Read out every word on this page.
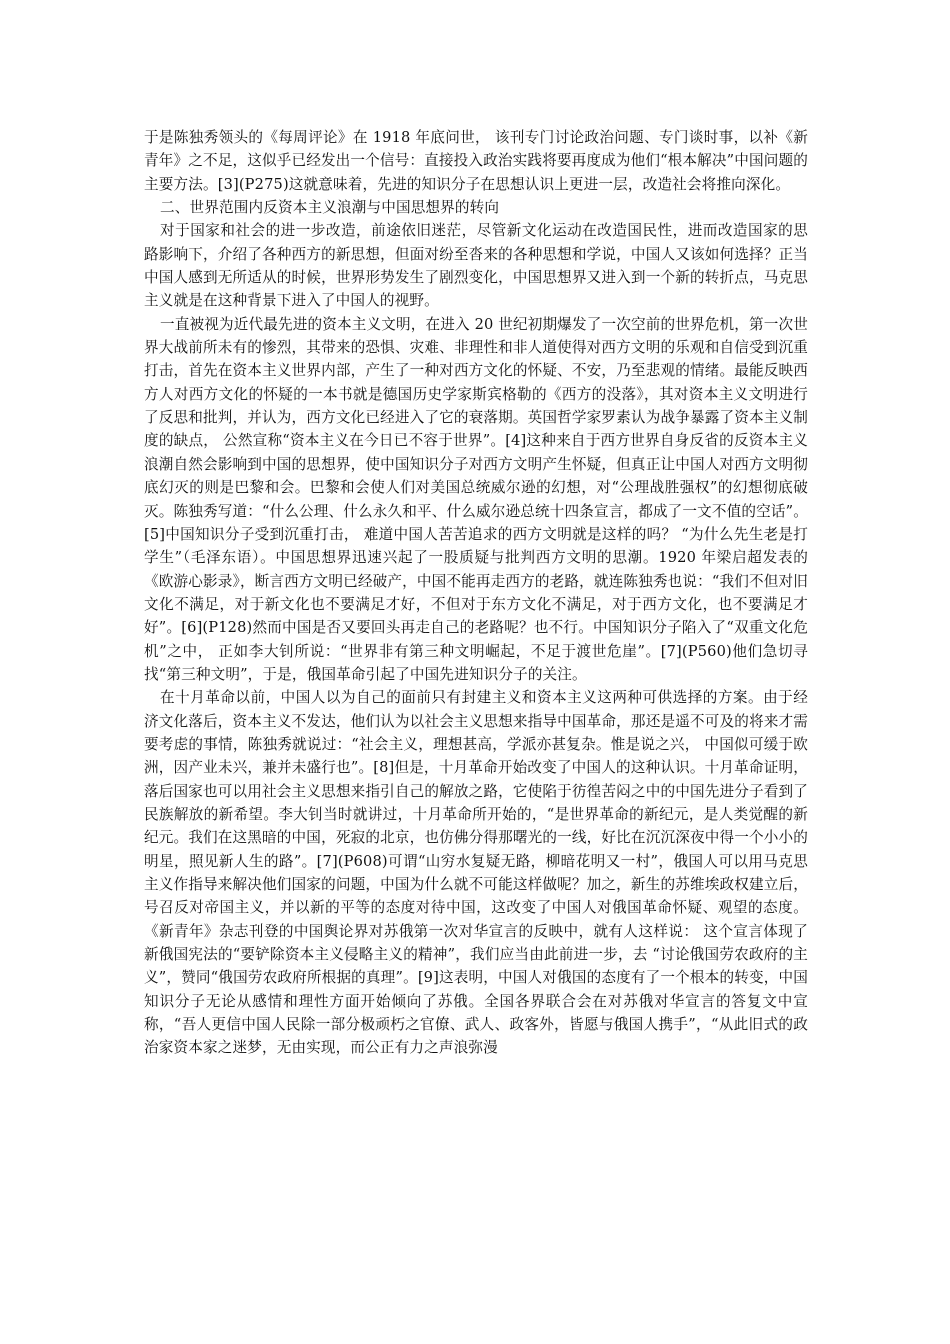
于是陈独秀领头的《每周评论》在 1918 年底问世， 该刊专门讨论政治问题、专门谈时事，以补《新青年》之不足，这似乎已经发出一个信号：直接投入政治实践将要再度成为他们“根本解决”中国问题的主要方法。[3](P275)这就意味着，先进的知识分子在思想认识上更进一层，改造社会将推向深化。

二、世界范围内反资本主义浪潮与中国思想界的转向

对于国家和社会的进一步改造，前途依旧迷茫，尽管新文化运动在改造国民性，进而改造国家的思路影响下，介绍了各种西方的新思想，但面对纷至沓来的各种思想和学说，中国人又该如何选择？正当中国人感到无所适从的时候，世界形势发生了剧烈变化，中国思想界又进入到一个新的转折点，马克思主义就是在这种背景下进入了中国人的视野。

一直被视为近代最先进的资本主义文明，在进入 20 世纪初期爆发了一次空前的世界危机，第一次世界大战前所未有的惨烈，其带来的恐惧、灾难、非理性和非人道使得对西方文明的乐观和自信受到沉重打击，首先在资本主义世界内部，产生了一种对西方文化的怀疑、不安，乃至悲观的情绪。最能反映西方人对西方文化的怀疑的一本书就是德国历史学家斯宾格勒的《西方的没落》，其对资本主义文明进行了反思和批判，并认为，西方文化已经进入了它的衰落期。英国哲学家罗素认为战争暴露了资本主义制度的缺点， 公然宣称“资本主义在今日已不容于世界”。[4]这种来自于西方世界自身反省的反资本主义浪潮自然会影响到中国的思想界，使中国知识分子对西方文明产生怀疑，但真正让中国人对西方文明彻底幻灭的则是巴黎和会。巴黎和会使人们对美国总统威尔逊的幻想，对“公理战胜强权”的幻想彻底破灭。陈独秀写道：“什么公理、什么永久和平、什么威尔逊总统十四条宣言，都成了一文不值的空话”。[5]中国知识分子受到沉重打击， 难道中国人苦苦追求的西方文明就是这样的吗？ “为什么先生老是打学生”（毛泽东语）。中国思想界迅速兴起了一股质疑与批判西方文明的思潮。1920 年梁启超发表的《欧游心影录》，断言西方文明已经破产，中国不能再走西方的老路，就连陈独秀也说：“我们不但对旧文化不满足，对于新文化也不要满足才好，不但对于东方文化不满足，对于西方文化，也不要满足才好”。[6](P128)然而中国是否又要回头再走自己的老路呢？也不行。中国知识分子陷入了“双重文化危机”之中， 正如李大钊所说：“世界非有第三种文明崛起，不足于渡世危崖”。[7](P560)他们急切寻找“第三种文明”，于是，俄国革命引起了中国先进知识分子的关注。

在十月革命以前，中国人以为自己的面前只有封建主义和资本主义这两种可供选择的方案。由于经济文化落后，资本主义不发达，他们认为以社会主义思想来指导中国革命，那还是遥不可及的将来才需要考虑的事情，陈独秀就说过：“社会主义，理想甚高，学派亦甚复杂。惟是说之兴， 中国似可缓于欧洲，因产业未兴，兼并未盛行也”。[8]但是，十月革命开始改变了中国人的这种认识。十月革命证明，落后国家也可以用社会主义思想来指引自己的解放之路，它使陷于彷徨苦闷之中的中国先进分子看到了民族解放的新希望。李大钊当时就讲过，十月革命所开始的，“是世界革命的新纪元，是人类觉醒的新纪元。我们在这黑暗的中国，死寂的北京，也仿佛分得那曙光的一线，好比在沉沉深夜中得一个小小的明星，照见新人生的路”。[7](P608)可谓“山穷水复疑无路，柳暗花明又一村”，俄国人可以用马克思主义作指导来解决他们国家的问题，中国为什么就不可能这样做呢？加之，新生的苏维埃政权建立后，号召反对帝国主义，并以新的平等的态度对待中国，这改变了中国人对俄国革命怀疑、观望的态度。《新青年》杂志刊登的中国舆论界对苏俄第一次对华宣言的反映中，就有人这样说： 这个宣言体现了新俄国宪法的“要铲除资本主义侵略主义的精神”，我们应当由此前进一步，去 “讨论俄国劳农政府的主义”，赞同“俄国劳农政府所根据的真理”。[9]这表明，中国人对俄国的态度有了一个根本的转变，中国知识分子无论从感情和理性方面开始倾向了苏俄。全国各界联合会在对苏俄对华宣言的答复文中宣称，“吾人更信中国人民除一部分极顽朽之官僚、武人、政客外，皆愿与俄国人携手”，“从此旧式的政治家资本家之迷梦，无由实现，而公正有力之声浪弥漫
